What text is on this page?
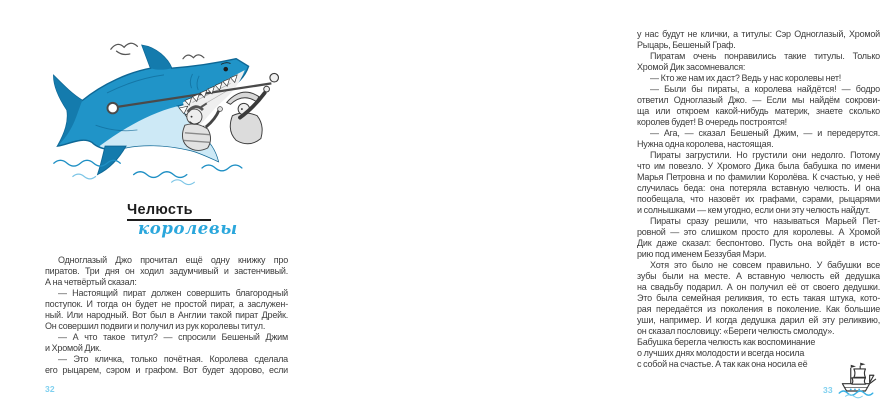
Челюсть
королевы
Одноглазый Джо прочитал ещё одну книжку про
пиратов. Три дня он ходил задумчивый и застенчивый.
А на четвёртый сказал:
— Настоящий пират должен совершить благородный
поступок. И тогда он будет не простой пират, а заслужен-
ный. Или народный. Вот был в Англии такой пират Дрейк.
Он совершил подвиги и получил из рук королевы титул.
— А что такое титул? — спросили Бешеный Джим
и Хромой Дик.
— Это кличка, только почётная. Королева сделала
его рыцарем, сэром и графом. Вот будет здорово, если
32
у нас будут не клички, а титулы: Сэр Одноглазый, Хромой
Рыцарь, Бешеный Граф.
Пиратам очень понравились такие титулы. Только
Хромой Дик засомневался:
— Кто же нам их даст? Ведь у нас королевы нет!
— Были бы пираты, а королева найдётся! — бодро
ответил Одноглазый Джо. — Если мы найдём сокрови-
ща или откроем какой-нибудь материк, знаете сколько
королев будет! В очередь построятся!
— Ага, — сказал Бешеный Джим, — и передерутся.
Нужна одна королева, настоящая.
Пираты загрустили. Но грустили они недолго. Потому
что им повезло. У Хромого Дика была бабушка по имени
Марья Петровна и по фамилии Королёва. К счастью, у неё
случилась беда: она потеряла вставную челюсть. И она
пообещала, что назовёт их графами, сэрами, рыцарями
и солнышками — кем угодно, если они эту челюсть найдут.
Пираты сразу решили, что называться Марьей Пет-
ровной — это слишком просто для королевы. А Хромой
Дик даже сказал: беспонтово. Пусть она войдёт в исто-
рию под именем Беззубая Мэри.
Хотя это было не совсем правильно. У бабушки все
зубы были на месте. А вставную челюсть ей дедушка
на свадьбу подарил. А он получил её от своего дедушки.
Это была семейная реликвия, то есть такая штука, кото-
рая передаётся из поколения в поколение. Как большие
уши, например. И когда дедушка дарил ей эту реликвию,
он сказал пословицу: «Береги челюсть смолоду».
Бабушка берегла челюсть как воспоминание
о лучших днях молодости и всегда носила
с собой на счастье. А так как она носила её
33
